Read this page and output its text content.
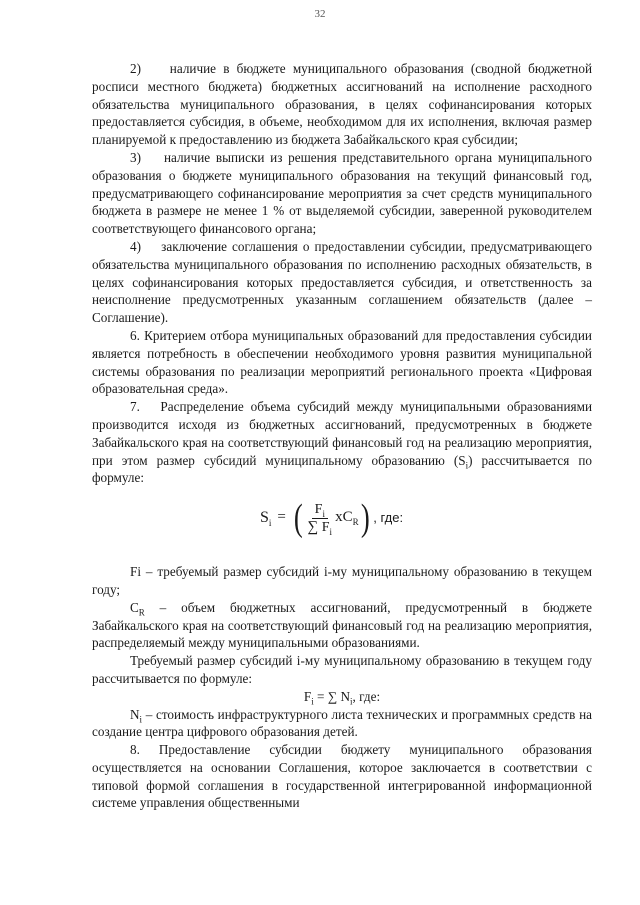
32

2)    наличие в бюджете муниципального образования (сводной бюджетной росписи местного бюджета) бюджетных ассигнований на исполнение расходного обязательства муниципального образования, в целях софинансирования которых предоставляется субсидия, в объеме, необходимом для их исполнения, включая размер планируемой к предоставлению из бюджета Забайкальского края субсидии;

3)    наличие выписки из решения представительного органа муниципального образования о бюджете муниципального образования на текущий финансовый год, предусматривающего софинансирование мероприятия за счет средств муниципального бюджета в размере не менее 1 % от выделяемой субсидии, заверенной руководителем соответствующего финансового органа;

4)    заключение соглашения о предоставлении субсидии, предусматривающего обязательства муниципального образования по исполнению расходных обязательств, в целях софинансирования которых предоставляется субсидия, и ответственность за неисполнение предусмотренных указанным соглашением обязательств (далее – Соглашение).

6. Критерием отбора муниципальных образований для предоставления субсидии является потребность в обеспечении необходимого уровня развития муниципальной системы образования по реализации мероприятий регионального проекта «Цифровая образовательная среда».

7.   Распределение объема субсидий между муниципальными образованиями производится исходя из бюджетных ассигнований, предусмотренных в бюджете Забайкальского края на соответствующий финансовый год на реализацию мероприятия, при этом размер субсидий муниципальному образованию $(S_i)$ рассчитывается по формуле:

$S_i$ = ( $\frac{F_i}{\sum F_i} xC_R$ ) , где:

Fi – требуемый размер субсидий i-му муниципальному образованию в текущем году;

$C_R$ – объем бюджетных ассигнований, предусмотренный в бюджете Забайкальского края на соответствующий финансовый год на реализацию мероприятия, распределяемый между муниципальными образованиями.

Требуемый размер субсидий i-му муниципальному образованию в текущем году рассчитывается по формуле:

$F_i$ = ∑ $N_i$, где:

$N_i$ – стоимость инфраструктурного листа технических и программных средств на создание центра цифрового образования детей.

8. Предоставление субсидии бюджету муниципального образования осуществляется на основании Соглашения, которое заключается в соответствии с типовой формой соглашения в государственной интегрированной информационной системе управления общественными
